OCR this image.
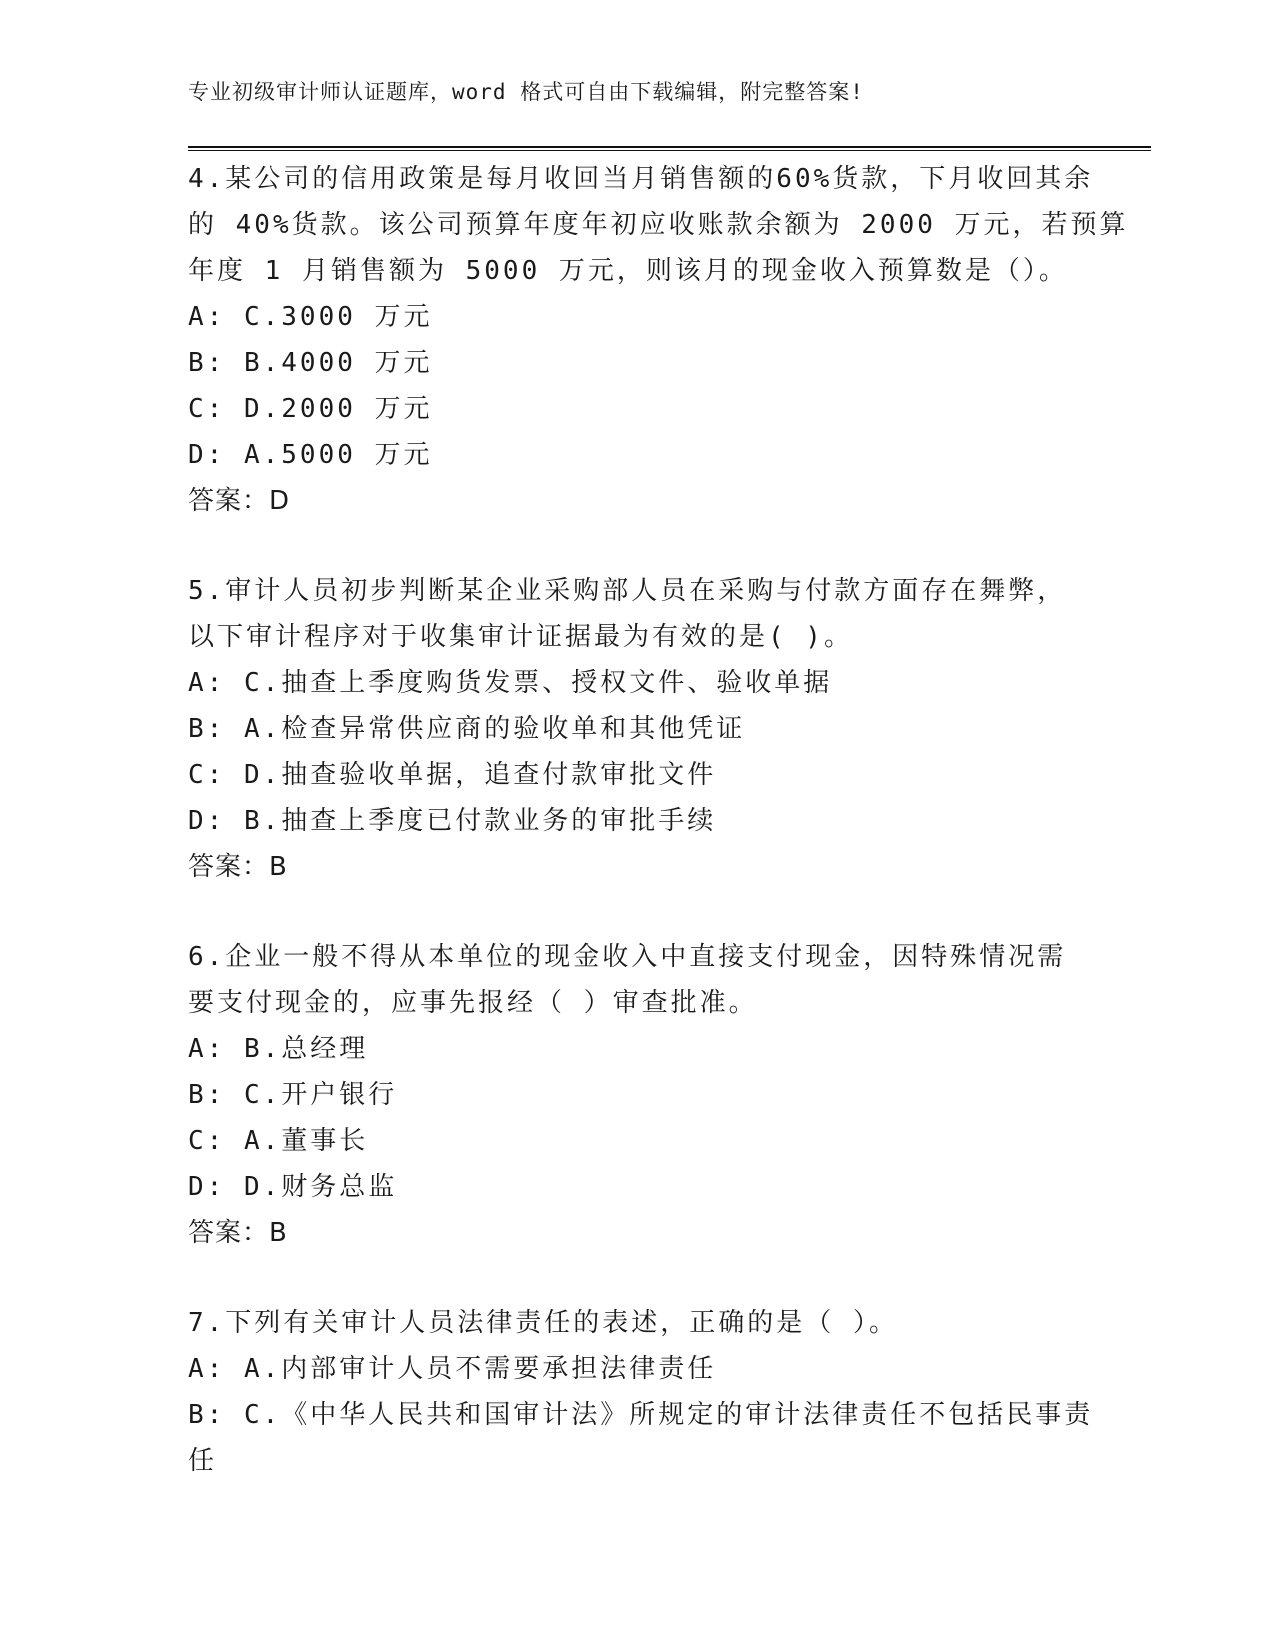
专业初级审计师认证题库，word 格式可自由下载编辑，附完整答案!
4.某公司的信用政策是每月收回当月销售额的60%货款，下月收回其余
的 40%货款。该公司预算年度年初应收账款余额为 2000 万元，若预算
年度 1 月销售额为 5000 万元，则该月的现金收入预算数是（）。
A: C.3000 万元
B: B.4000 万元
C: D.2000 万元
D: A.5000 万元
答案：D
5.审计人员初步判断某企业采购部人员在采购与付款方面存在舞弊，
以下审计程序对于收集审计证据最为有效的是( )。
A: C.抽查上季度购货发票、授权文件、验收单据
B: A.检查异常供应商的验收单和其他凭证
C: D.抽查验收单据，追查付款审批文件
D: B.抽查上季度已付款业务的审批手续
答案：B
6.企业一般不得从本单位的现金收入中直接支付现金，因特殊情况需
要支付现金的，应事先报经（ ）审查批准。
A: B.总经理
B: C.开户银行
C: A.董事长
D: D.财务总监
答案：B
7.下列有关审计人员法律责任的表述，正确的是（ ）。
A: A.内部审计人员不需要承担法律责任
B: C.《中华人民共和国审计法》所规定的审计法律责任不包括民事责
任
